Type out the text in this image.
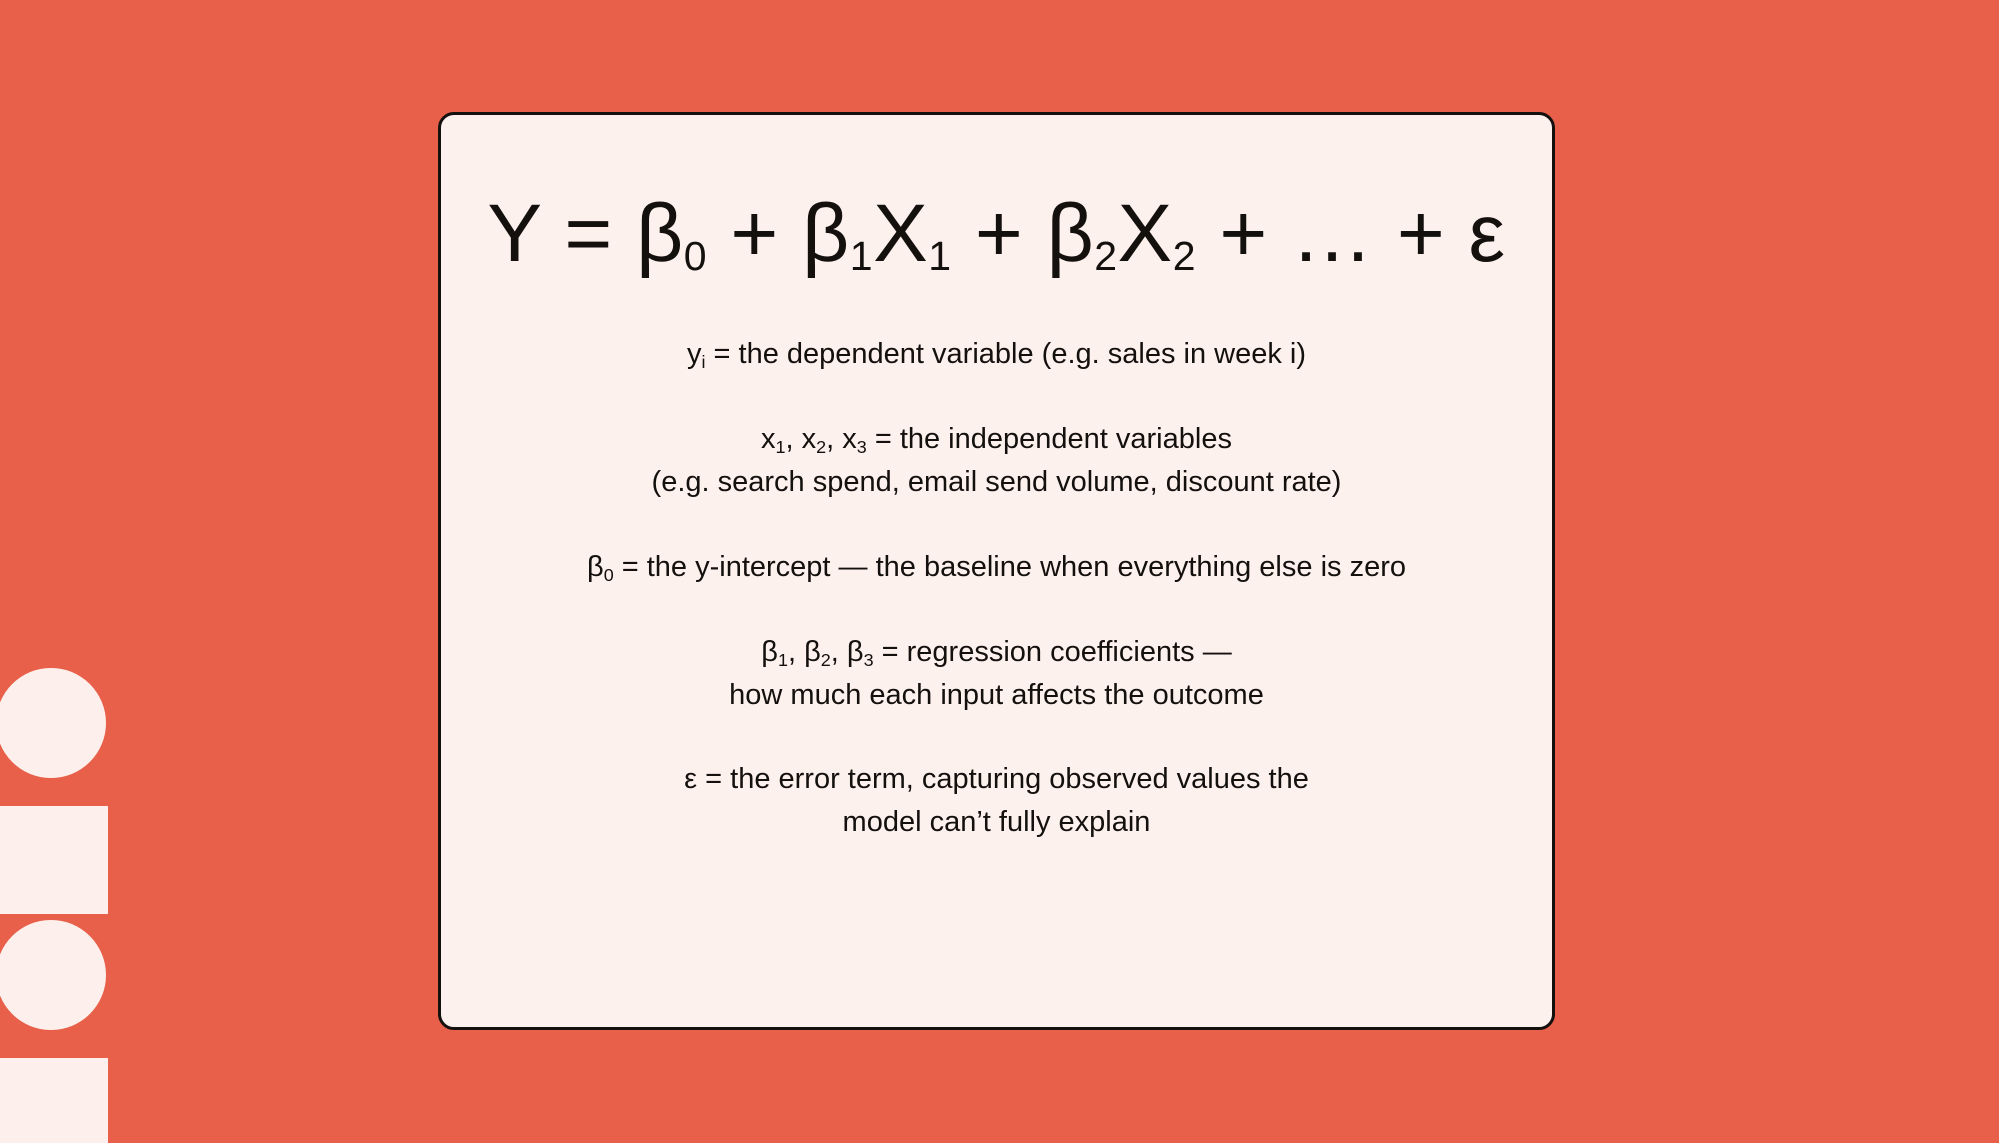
$Y = \beta_0 + \beta_1X_1 + \beta_2X_2$ + … + ε
$y_i$ = the dependent variable (e.g. sales in week i)
$x_1$, $x_2$, $x_3$ = the independent variables
(e.g. search spend, email send volume, discount rate)
$\beta_0$ = the y-intercept — the baseline when everything else is zero
$\beta_1$, $\beta_2$, $\beta_3$ = regression coefficients —
how much each input affects the outcome
ε = the error term, capturing observed values the
model can’t fully explain
